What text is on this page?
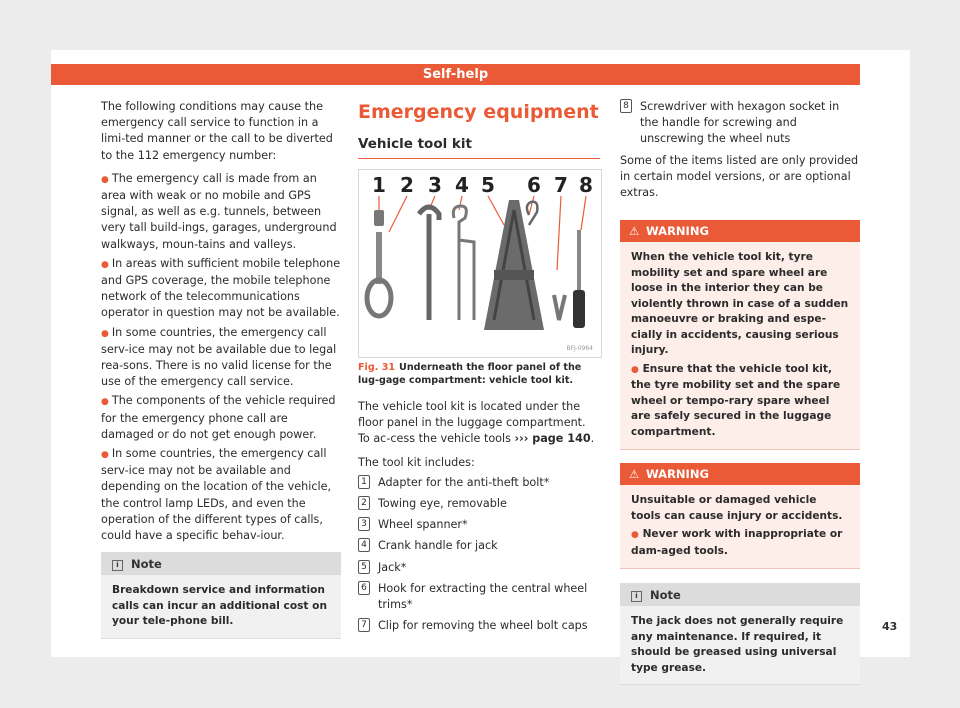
Self-help

The following conditions may cause the emergency call service to function in a limi-ted manner or the call to be diverted to the 112 emergency number:

● The emergency call is made from an area with weak or no mobile and GPS signal, as well as e.g. tunnels, between very tall build-ings, garages, underground walkways, moun-tains and valleys.

● In areas with sufficient mobile telephone and GPS coverage, the mobile telephone network of the telecommunications operator in question may not be available.

● In some countries, the emergency call serv-ice may not be available due to legal rea-sons. There is no valid license for the use of the emergency call service.

● The components of the vehicle required for the emergency phone call are damaged or do not get enough power.

● In some countries, the emergency call serv-ice may not be available and depending on the location of the vehicle, the control lamp LEDs, and even the operation of the different types of calls, could have a specific behav-iour.

i Note
Breakdown service and information calls can incur an additional cost on your tele-phone bill.
Emergency equipment
Vehicle tool kit
1 2 3 4 5 6 7 8
BFJ-0964
Fig. 31 Underneath the floor panel of the lug-gage compartment: vehicle tool kit.

The vehicle tool kit is located under the floor panel in the luggage compartment. To ac-cess the vehicle tools ››› page 140.

The tool kit includes:

1 Adapter for the anti-theft bolt*
2 Towing eye, removable
3 Wheel spanner*
4 Crank handle for jack
5 Jack*
6 Hook for extracting the central wheel trims*
7 Clip for removing the wheel bolt caps
8 Screwdriver with hexagon socket in the handle for screwing and unscrewing the wheel nuts

Some of the items listed are only provided in certain model versions, or are optional extras.

⚠ WARNING

When the vehicle tool kit, tyre mobility set and spare wheel are loose in the interior they can be violently thrown in case of a sudden manoeuvre or braking and espe-cially in accidents, causing serious injury.

● Ensure that the vehicle tool kit, the tyre mobility set and the spare wheel or tempo-rary spare wheel are safely secured in the luggage compartment.

⚠ WARNING

Unsuitable or damaged vehicle tools can cause injury or accidents.

● Never work with inappropriate or dam-aged tools.

i Note
The jack does not generally require any maintenance. If required, it should be greased using universal type grease.
43
